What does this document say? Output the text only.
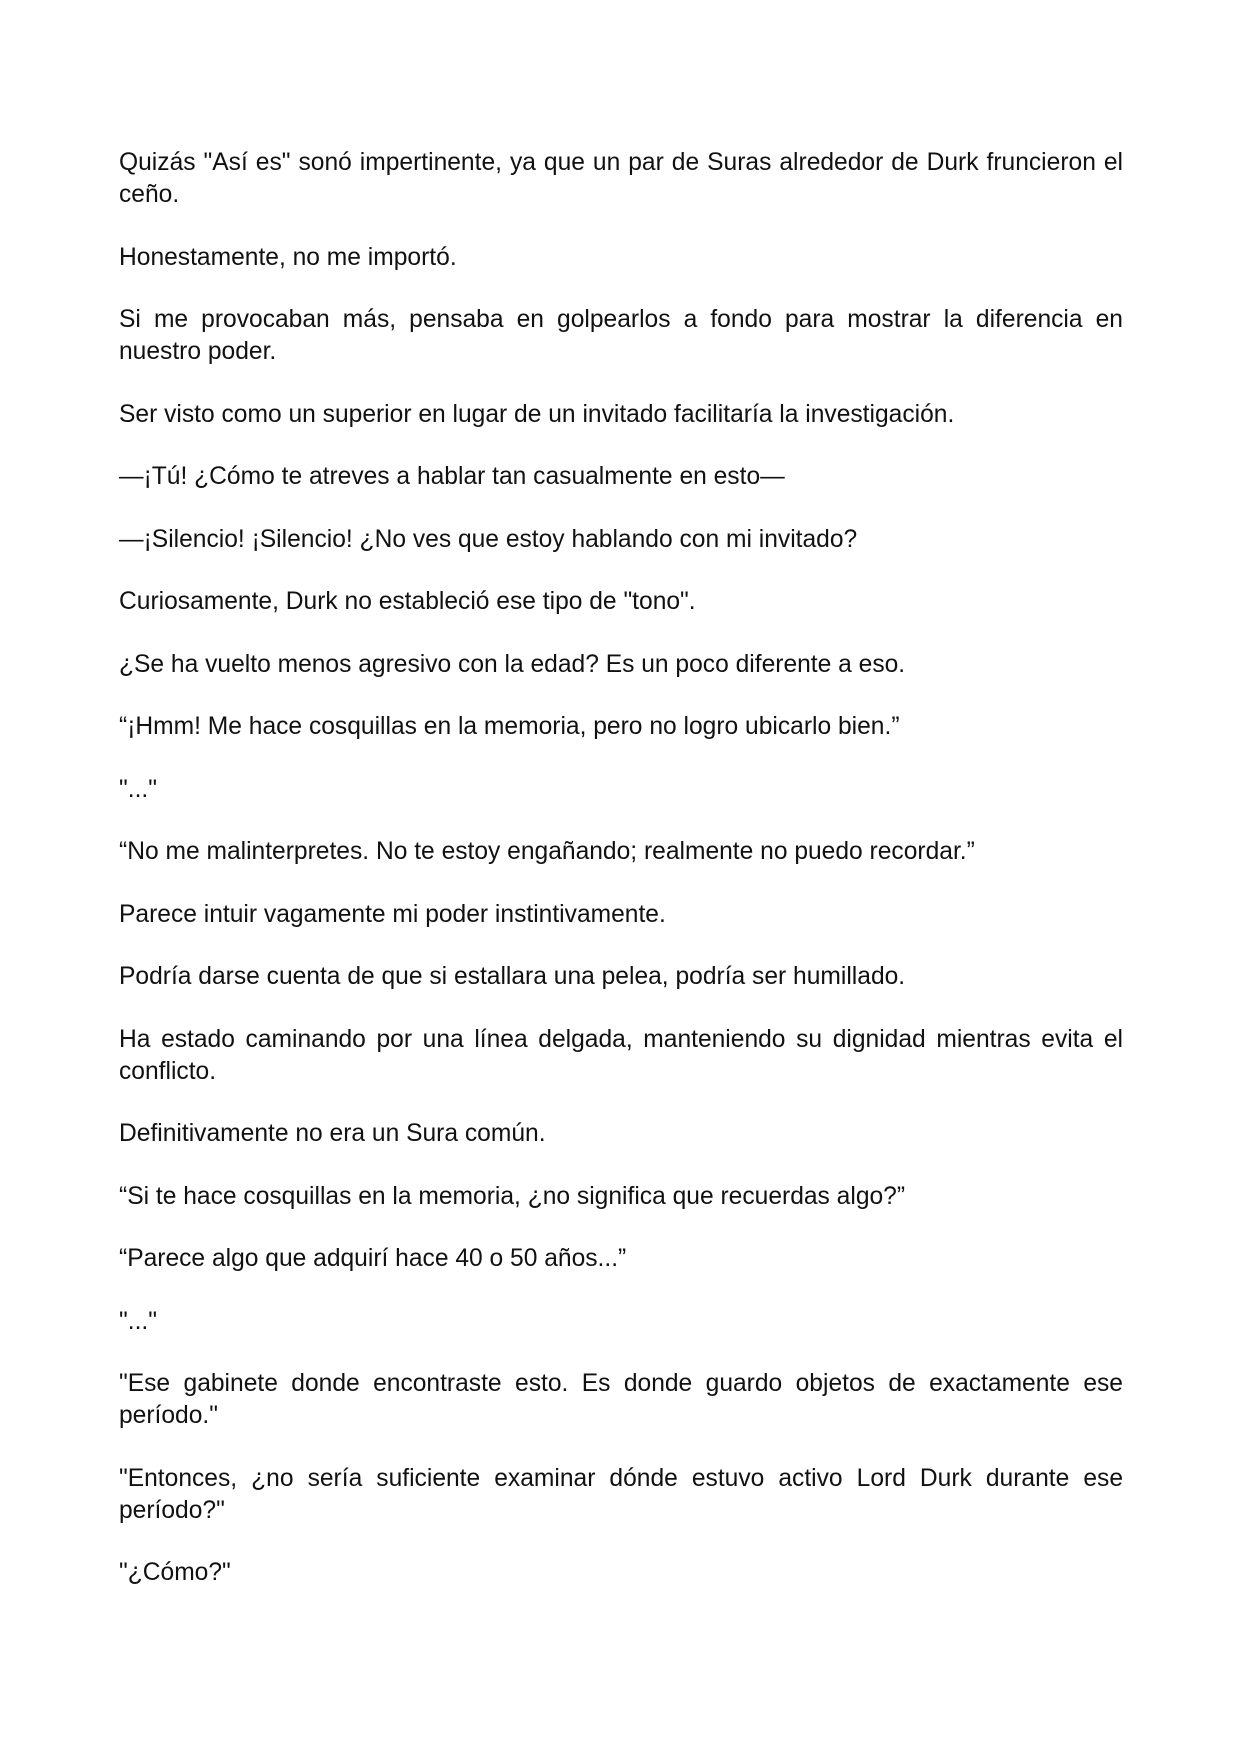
Quizás "Así es" sonó impertinente, ya que un par de Suras alrededor de Durk fruncieron el ceño.

Honestamente, no me importó.

Si me provocaban más, pensaba en golpearlos a fondo para mostrar la diferencia en nuestro poder.

Ser visto como un superior en lugar de un invitado facilitaría la investigación.

—¡Tú! ¿Cómo te atreves a hablar tan casualmente en esto—

—¡Silencio! ¡Silencio! ¿No ves que estoy hablando con mi invitado?

Curiosamente, Durk no estableció ese tipo de "tono".

¿Se ha vuelto menos agresivo con la edad? Es un poco diferente a eso.

“¡Hmm! Me hace cosquillas en la memoria, pero no logro ubicarlo bien.”

"..."

“No me malinterpretes. No te estoy engañando; realmente no puedo recordar.”

Parece intuir vagamente mi poder instintivamente.

Podría darse cuenta de que si estallara una pelea, podría ser humillado.

Ha estado caminando por una línea delgada, manteniendo su dignidad mientras evita el conflicto.

Definitivamente no era un Sura común.

“Si te hace cosquillas en la memoria, ¿no significa que recuerdas algo?”

“Parece algo que adquirí hace 40 o 50 años...”

"..."

"Ese gabinete donde encontraste esto. Es donde guardo objetos de exactamente ese período."

"Entonces, ¿no sería suficiente examinar dónde estuvo activo Lord Durk durante ese período?"

"¿Cómo?"
